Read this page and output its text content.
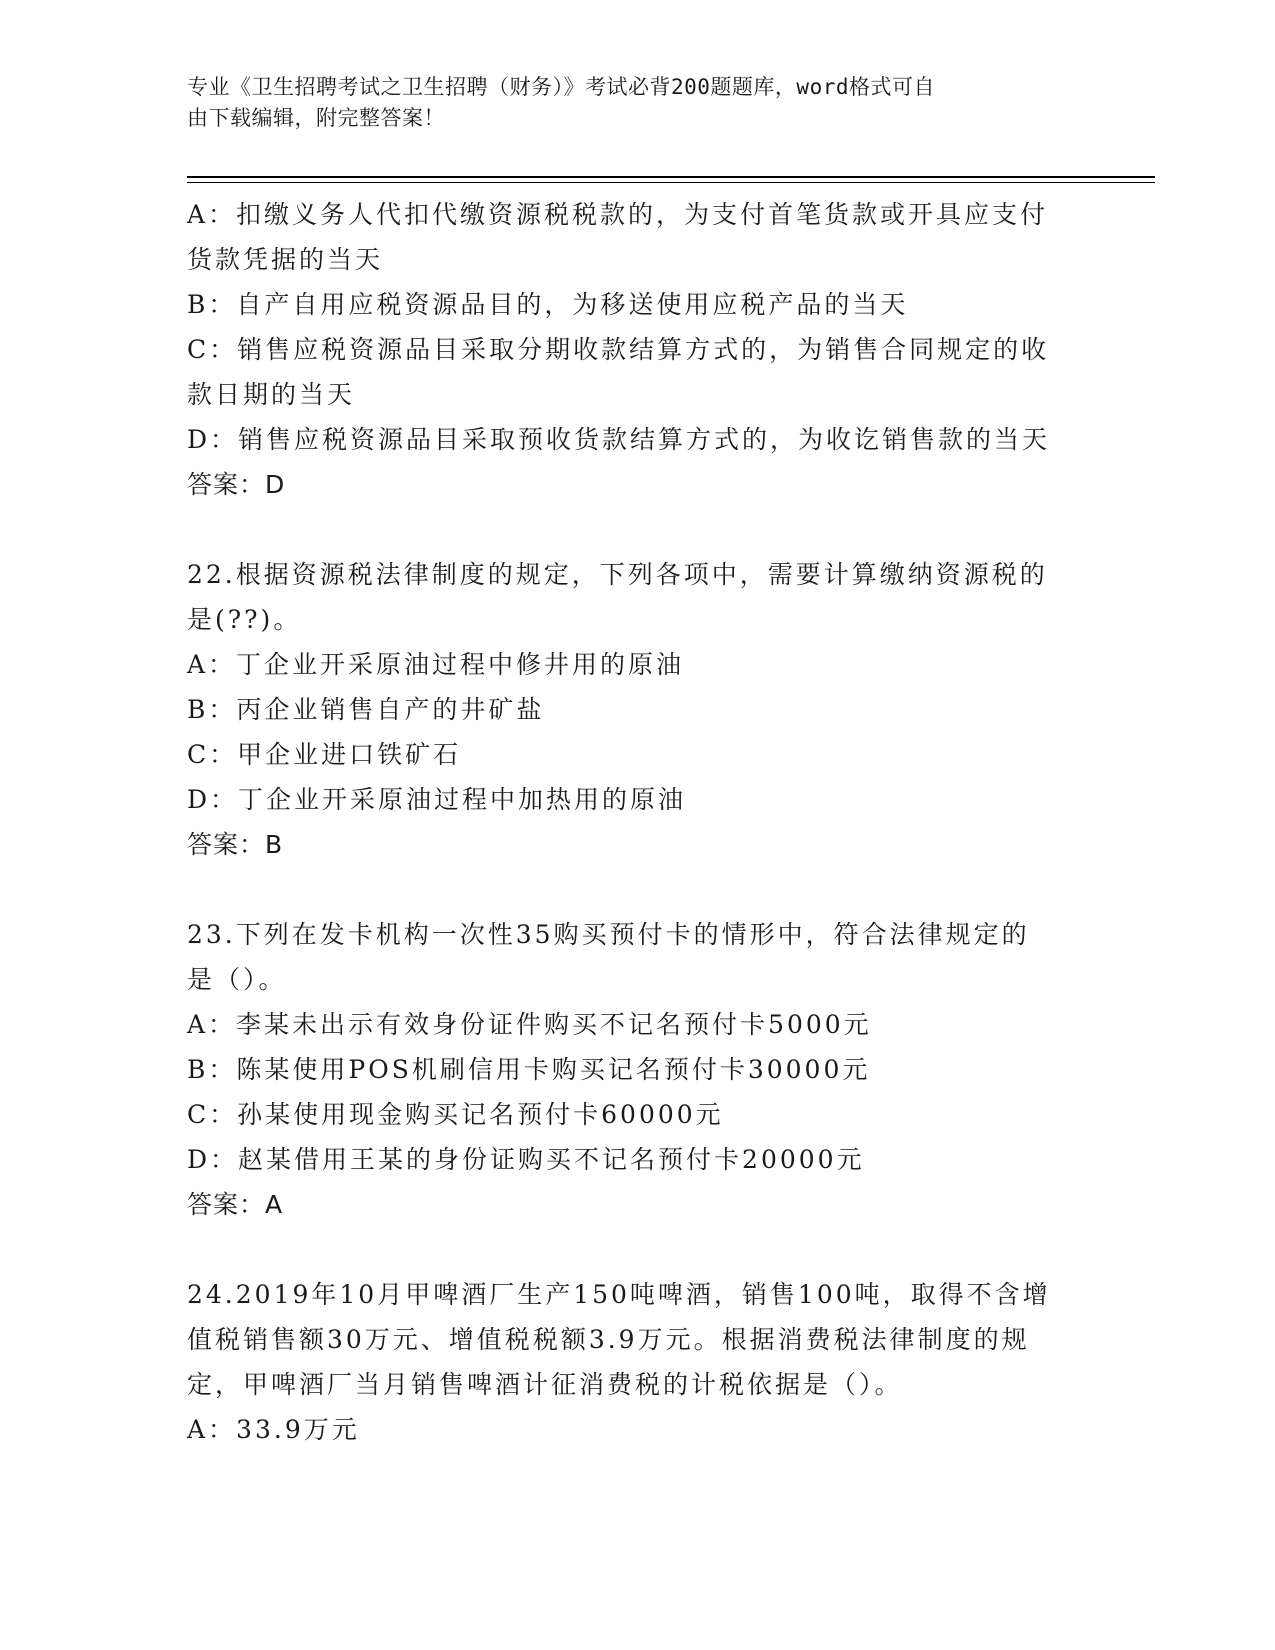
专业《卫生招聘考试之卫生招聘（财务）》考试必背200题题库，word格式可自
由下载编辑，附完整答案！
A：扣缴义务人代扣代缴资源税税款的，为支付首笔货款或开具应支付
货款凭据的当天
B：自产自用应税资源品目的，为移送使用应税产品的当天
C：销售应税资源品目采取分期收款结算方式的，为销售合同规定的收
款日期的当天
D：销售应税资源品目采取预收货款结算方式的，为收讫销售款的当天
答案：D
22.根据资源税法律制度的规定，下列各项中，需要计算缴纳资源税的
是(??)。
A：丁企业开采原油过程中修井用的原油
B：丙企业销售自产的井矿盐
C：甲企业进口铁矿石
D：丁企业开采原油过程中加热用的原油
答案：B
23.下列在发卡机构一次性35购买预付卡的情形中，符合法律规定的
是（）。
A：李某未出示有效身份证件购买不记名预付卡5000元
B：陈某使用POS机刷信用卡购买记名预付卡30000元
C：孙某使用现金购买记名预付卡60000元
D：赵某借用王某的身份证购买不记名预付卡20000元
答案：A
24.2019年10月甲啤酒厂生产150吨啤酒，销售100吨，取得不含增
值税销售额30万元、增值税税额3.9万元。根据消费税法律制度的规
定，甲啤酒厂当月销售啤酒计征消费税的计税依据是（）。
A：33.9万元
